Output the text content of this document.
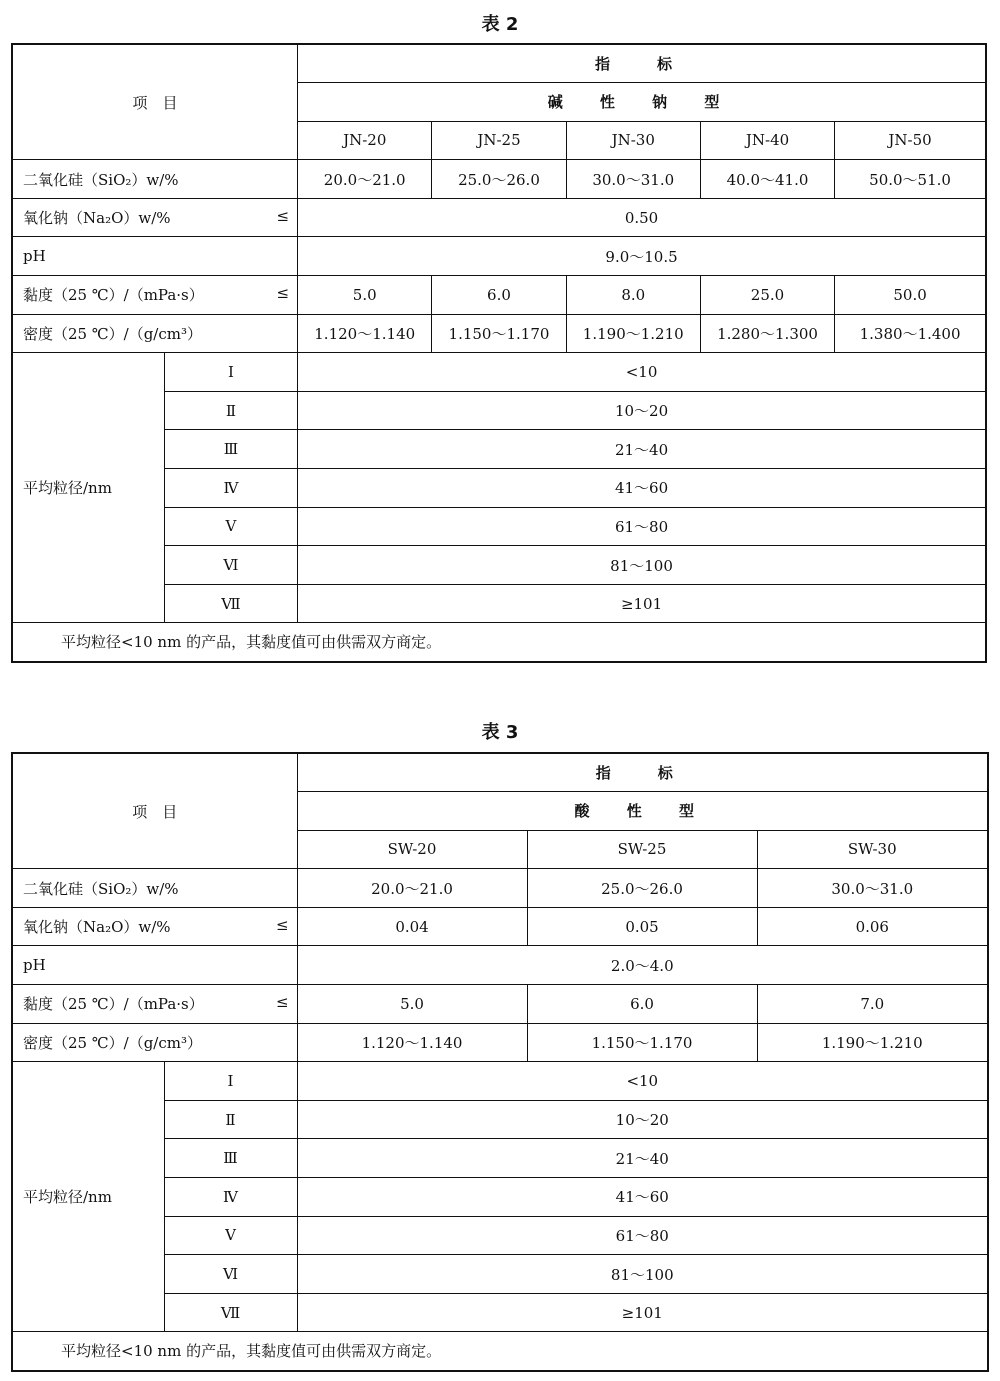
表 2
项　目		指　标				
		碱 性 钠 型				
		JN-20	JN-25	JN-30	JN-40	JN-50
二氧化硅（SiO₂）w/%		20.0～21.0	25.0～26.0	30.0～31.0	40.0～41.0	50.0～51.0

氧化钠（Na₂O）w/% ≤		0.50				
pH		9.0～10.5				

黏度（25 ℃）/（mPa·s） ≤		5.0	6.0	8.0	25.0	50.0
密度（25 ℃）/（g/cm³）		1.120～1.140	1.150～1.170	1.190～1.210	1.280～1.300	1.380～1.400
平均粒径/nm	Ⅰ	<10				
	Ⅱ	10～20				
	Ⅲ	21～40				
	Ⅳ	41～60				
	Ⅴ	61～80				
	Ⅵ	81～100				
	Ⅶ	≥101				
平均粒径<10 nm 的产品，其黏度值可由供需双方商定。						
表 3
项　目		指　标		
		酸 性 型		
		SW-20	SW-25	SW-30
二氧化硅（SiO₂）w/%		20.0～21.0	25.0～26.0	30.0～31.0

氧化钠（Na₂O）w/% ≤		0.04	0.05	0.06
pH		2.0～4.0		

黏度（25 ℃）/（mPa·s） ≤		5.0	6.0	7.0
密度（25 ℃）/（g/cm³）		1.120～1.140	1.150～1.170	1.190～1.210
平均粒径/nm	Ⅰ	<10		
	Ⅱ	10～20		
	Ⅲ	21～40		
	Ⅳ	41～60		
	Ⅴ	61～80		
	Ⅵ	81～100		
	Ⅶ	≥101		
平均粒径<10 nm 的产品，其黏度值可由供需双方商定。				
